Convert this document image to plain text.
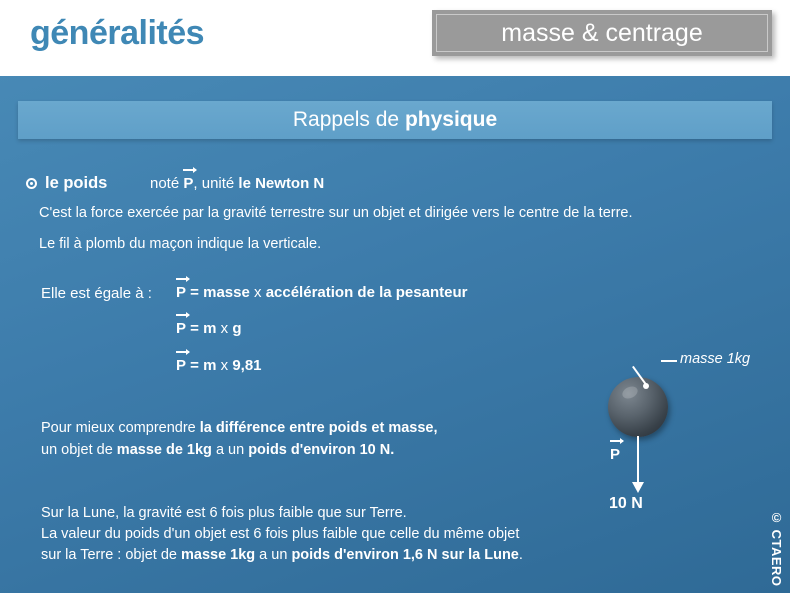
généralités	masse & centrage
Rappels de physique
le poids	noté P, unité le Newton N
C'est la force exercée par la gravité terrestre sur un objet et dirigée vers le centre de la terre.
Le fil à plomb du maçon indique la verticale.
Elle est égale à : P = masse x accélération de la pesanteur
P = m x g
P = m x 9,81
Pour mieux comprendre la différence entre poids et masse,
un objet de masse de 1kg a un poids d'environ 10 N.
Sur la Lune, la gravité est 6 fois plus faible que sur Terre.
La valeur du poids d'un objet est 6 fois plus faible que celle du même objet
sur la Terre : objet de masse 1kg a un poids d'environ 1,6 N sur la Lune.
masse 1kg
P
10 N
© CTAERO
